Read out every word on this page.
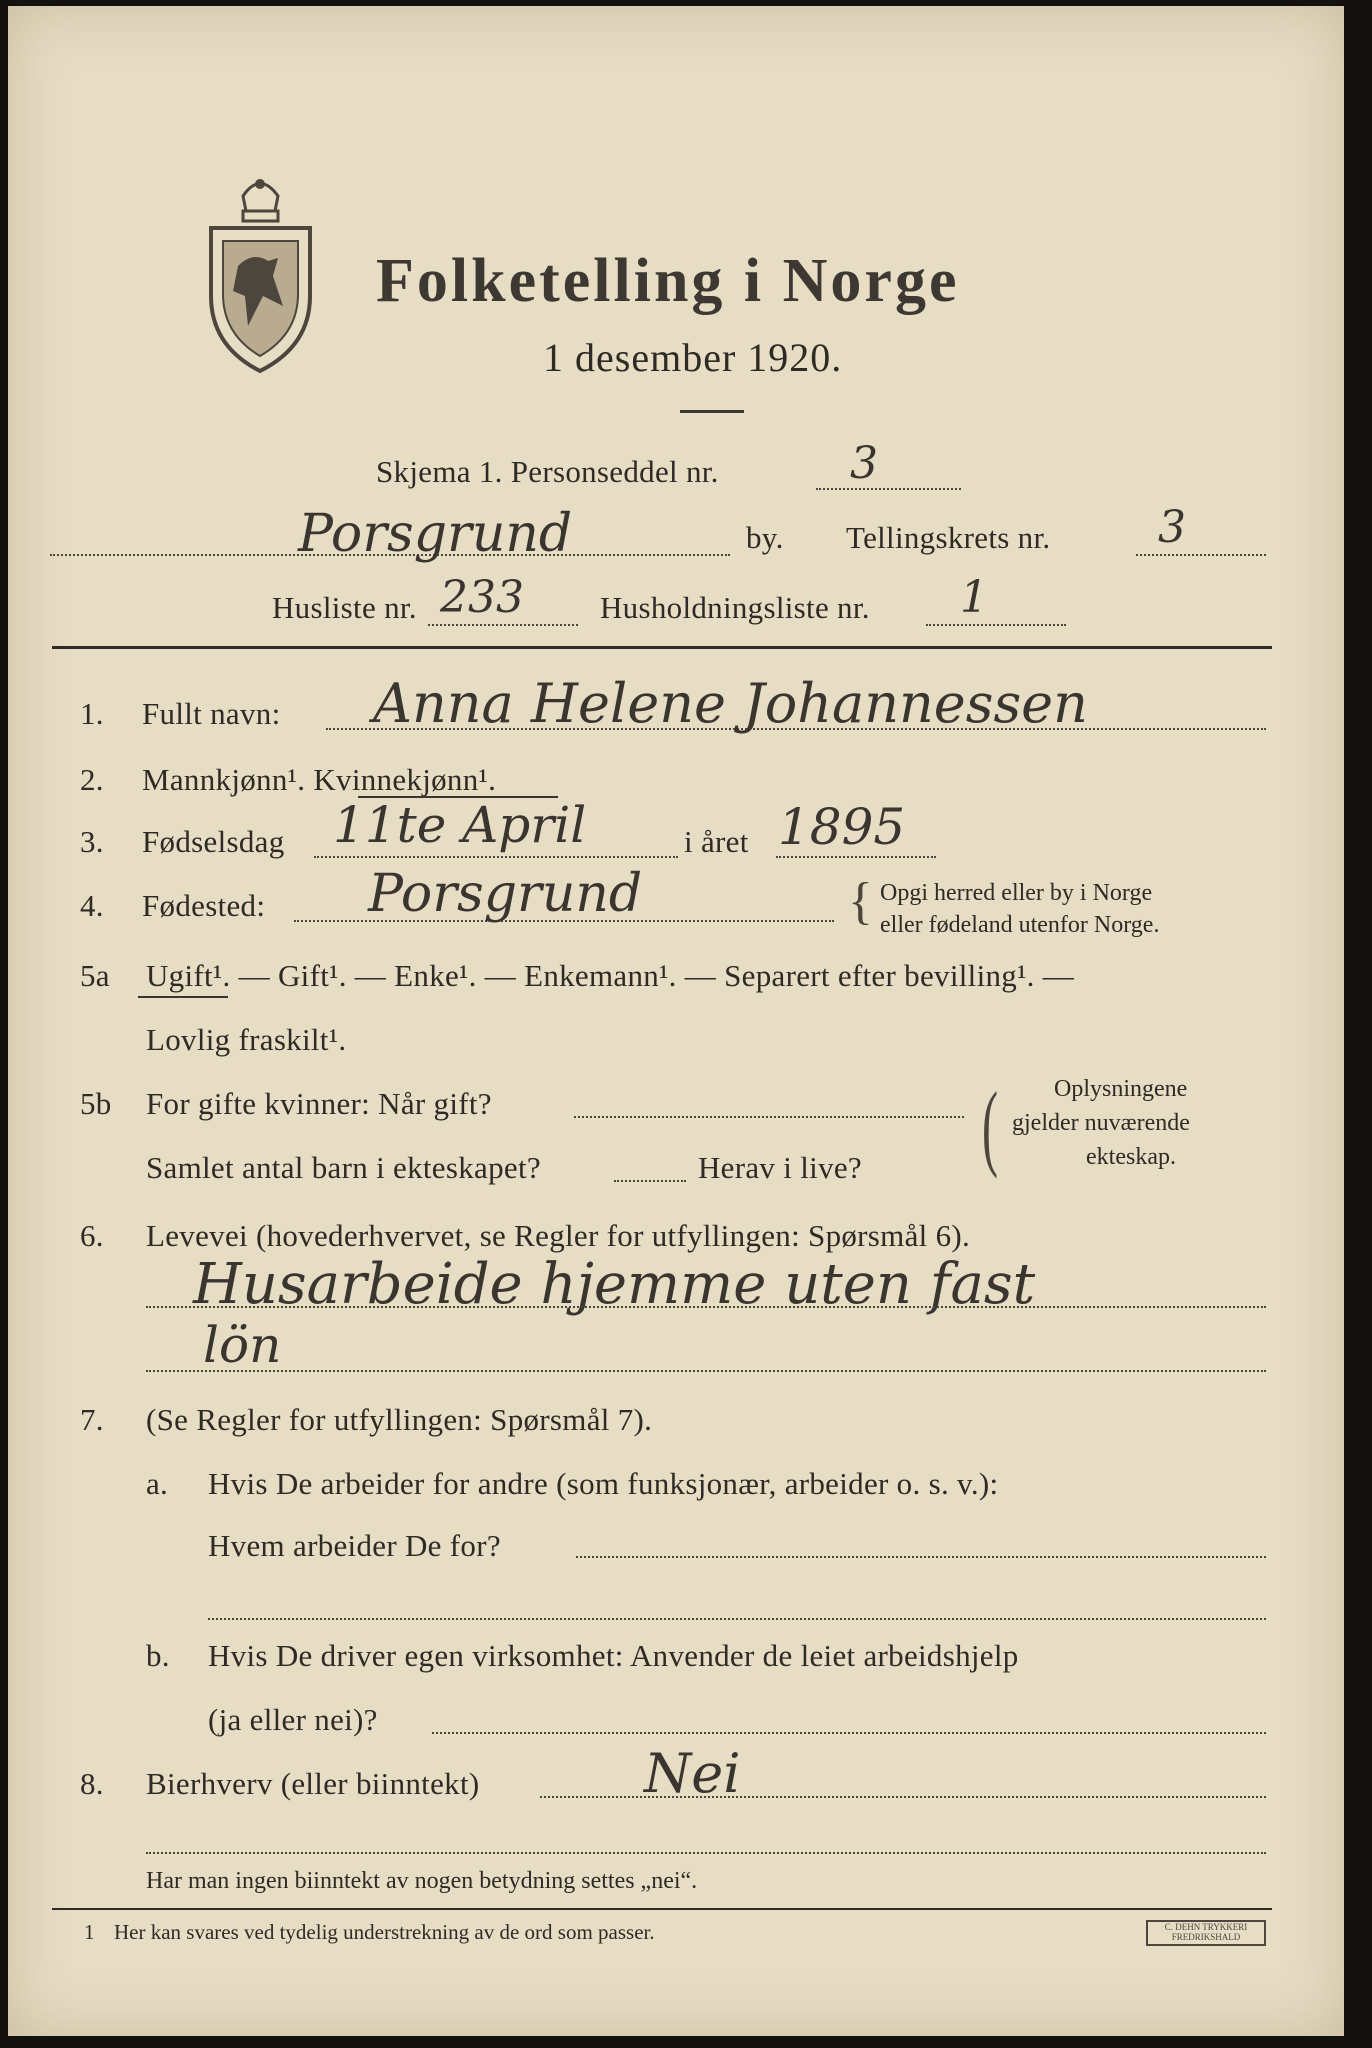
Folketelling i Norge
1 desember 1920.
Skjema 1. Personseddel nr.	3
Porsgrund	by. Tellingskrets nr. 3
Husliste nr. 233 Husholdningsliste nr. 1
1. Fullt navn: Anna Helene Johannessen
2. Mannkjønn¹. Kvinnekjønn¹.
3. Fødselsdag 11te April	i året 1895
4. Fødested: Porsgrund	{ Opgi herred eller by i Norge
eller fødeland utenfor Norge.
5a Ugift¹. — Gift¹. — Enke¹. — Enkemann¹. — Separert efter bevilling¹. —
Lovlig fraskilt¹.
5b For gifte kvinner: Når gift?
Samlet antal barn i ekteskapet?	Herav i live? ( Oplysningene
gjelder nuværende
ekteskap.
6. Levevei (hovederhvervet, se Regler for utfyllingen: Spørsmål 6).
Husarbeide hjemme uten fast
lön
7. (Se Regler for utfyllingen: Spørsmål 7).
a. Hvis De arbeider for andre (som funksjonær, arbeider o. s. v.):
Hvem arbeider De for?
b. Hvis De driver egen virksomhet: Anvender de leiet arbeidshjelp
(ja eller nei)?
8. Bierhverv (eller biinntekt)	Nei
Har man ingen biinntekt av nogen betydning settes „nei“.
1 Her kan svares ved tydelig understrekning av de ord som passer.	C. DEHN TRYKKERI
FREDRIKSHALD
